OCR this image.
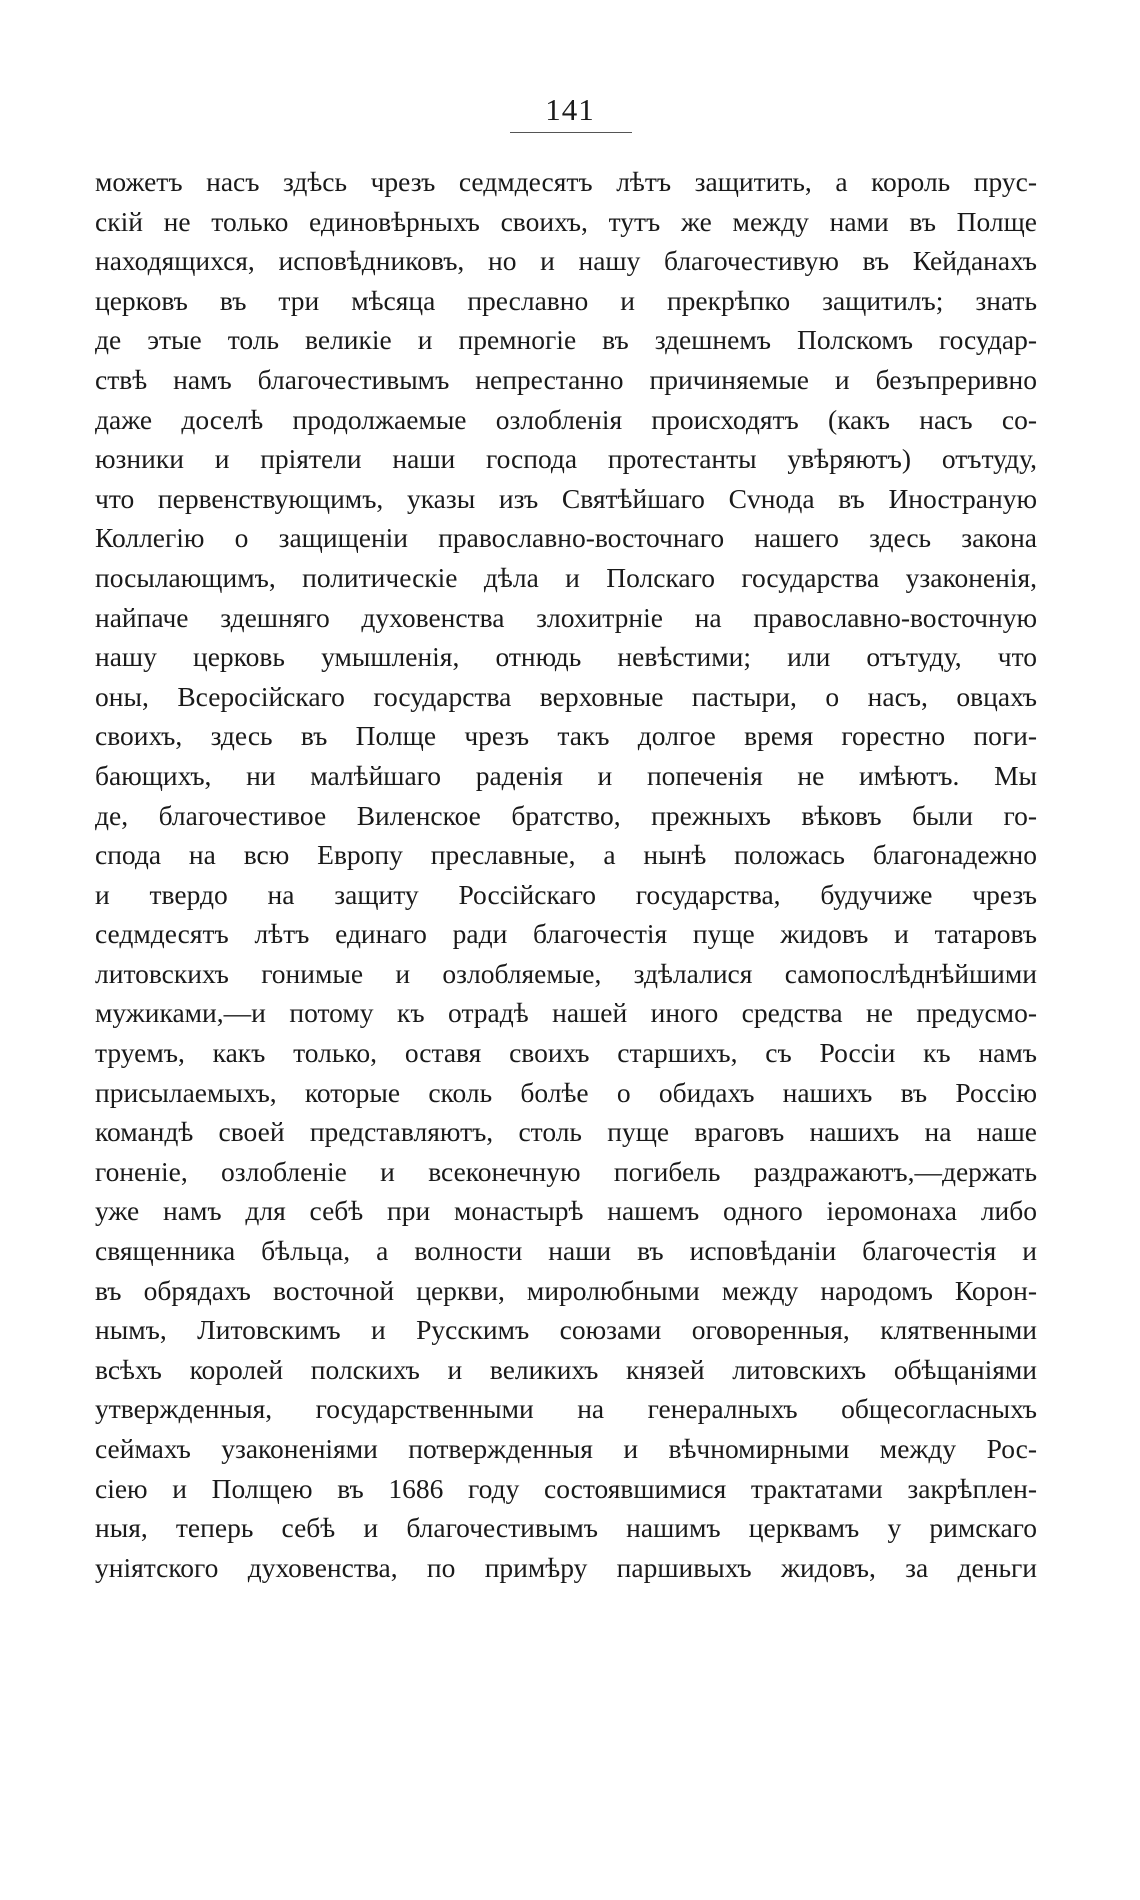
141
можетъ насъ здѣсь чрезъ седмдесятъ лѣтъ защитить, а король прус-
скій не только единовѣрныхъ своихъ, тутъ же между нами въ Полще
находящихся, исповѣдниковъ, но и нашу благочестивую въ Кейданахъ
церковъ въ три мѣсяца преславно и прекрѣпко защитилъ; знать
де этые толь великіе и премногіе въ здешнемъ Полскомъ государ-
ствѣ намъ благочестивымъ непрестанно причиняемые и безъпреривно
даже доселѣ продолжаемые озлобленія происходятъ (какъ насъ со-
юзники и пріятели наши господа протестанты увѣряютъ) отътуду,
что первенствующимъ, указы изъ Святѣйшаго Сvнода въ Иностраную
Коллегію о защищеніи православно-восточнаго нашего здесь закона
посылающимъ, политическіе дѣла и Полскаго государства узаконенія,
найпаче здешняго духовенства злохитрніе на православно-восточную
нашу церковь умышленія, отнюдь невѣстими; или отътуду, что
оны, Всеросійскаго государства верховные пастыри, о насъ, овцахъ
своихъ, здесь въ Полще чрезъ такъ долгое время горестно поги-
бающихъ, ни малѣйшаго раденія и попеченія не имѣютъ. Мы
де, благочестивое Виленское братство, прежныхъ вѣковъ были го-
спода на всю Европу преславные, а нынѣ положась благонадежно
и твердо на защиту Россійскаго государства, будучиже чрезъ
седмдесятъ лѣтъ единаго ради благочестія пуще жидовъ и татаровъ
литовскихъ гонимые и озлобляемые, здѣлалися самопослѣднѣйшими
мужиками,—и потому къ отрадѣ нашей иного средства не предусмо-
труемъ, какъ только, оставя своихъ старшихъ, съ Россіи къ намъ
присылаемыхъ, которые сколь болѣе о обидахъ нашихъ въ Россію
командѣ своей представляютъ, столь пуще враговъ нашихъ на наше
гоненіе, озлобленіе и всеконечную погибель раздражаютъ,—держать
уже намъ для себѣ при монастырѣ нашемъ одного іеромонаха либо
священника бѣльца, а волности наши въ исповѣданіи благочестія и
въ обрядахъ восточной церкви, миролюбными между народомъ Корон-
нымъ, Литовскимъ и Русскимъ союзами оговоренныя, клятвенными
всѣхъ королей полскихъ и великихъ князей литовскихъ обѣщаніями
утвержденныя, государственными на генералныхъ общесогласныхъ
сеймахъ узаконеніями потвержденныя и вѣчномирными между Рос-
сіею и Полщею въ 1686 году состоявшимися трактатами закрѣплен-
ныя, теперь себѣ и благочестивымъ нашимъ церквамъ у римскаго
уніятского духовенства, по примѣру паршивыхъ жидовъ, за деньги
